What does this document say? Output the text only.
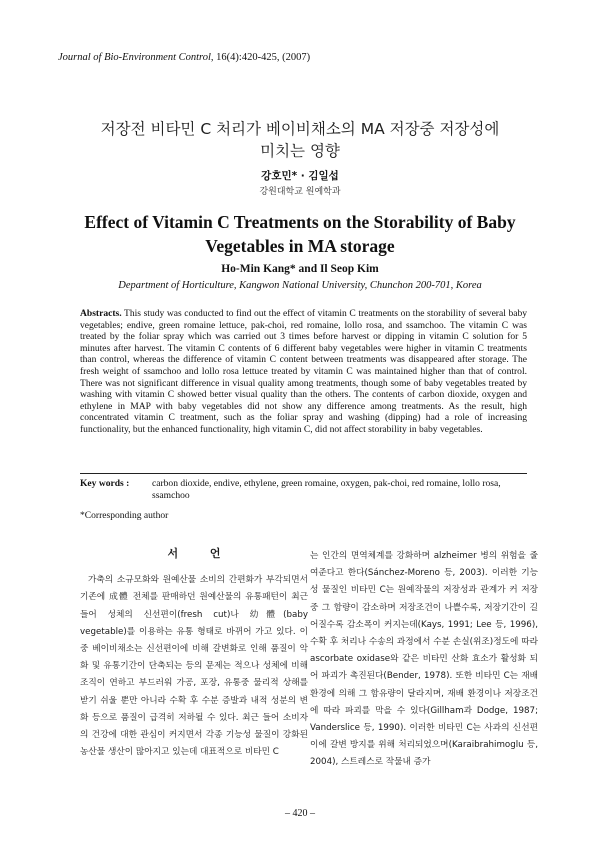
Journal of Bio-Environment Control, 16(4):420-425, (2007)
저장전 비타민 C 처리가 베이비채소의 MA 저장중 저장성에
미치는 영향
강호민* · 김일섭
강원대학교 원예학과
Effect of Vitamin C Treatments on the Storability of Baby
Vegetables in MA storage
Ho-Min Kang* and Il Seop Kim
Department of Horticulture, Kangwon National University, Chunchon 200-701, Korea
Abstracts. This study was conducted to find out the effect of vitamin C treatments on the storability of several baby vegetables; endive, green romaine lettuce, pak-choi, red romaine, lollo rosa, and ssamchoo. The vitamin C was treated by the foliar spray which was carried out 3 times before harvest or dipping in vitamin C solution for 5 minutes after harvest. The vitamin C contents of 6 different baby vegetables were higher in vitamin C treatments than control, whereas the difference of vitamin C content between treatments was disappeared after storage. The fresh weight of ssamchoo and lollo rosa lettuce treated by vitamin C was maintained higher than that of control. There was not significant difference in visual quality among treatments, though some of baby vegetables treated by washing with vitamin C showed better visual quality than the others. The contents of carbon dioxide, oxygen and ethylene in MAP with baby vegetables did not show any difference among treatments. As the result, high concentrated vitamin C treatment, such as the foliar spray and washing (dipping) had a role of increasing functionality, but the enhanced functionality, high vitamin C, did not affect storability in baby vegetables.
Key words :	carbon dioxide, endive, ethylene, green romaine, oxygen, pak-choi, red romaine, lollo rosa, ssamchoo
*Corresponding author
서 언
가축의 소규모화와 원예산물 소비의 간편화가 부각되면서 기존에 成體 전체를 판매하던 원예산물의 유통패턴이 최근 들어 성체의 신선편이(fresh cut)나 幼體(baby vegetable)를 이용하는 유통 형태로 바뀌어 가고 있다. 이중 베이비채소는 신선편이에 비해 갈변화로 인해 품질이 악화 및 유통기간이 단축되는 등의 문제는 적으나 성체에 비해 조직이 연하고 부드러워 가공, 포장, 유통중 물리적 상해를 받기 쉬울 뿐만 아니라 수확 후 수분 증발과 내적 성분의 변화 등으로 품질이 급격히 저하될 수 있다. 최근 들어 소비자의 건강에 대한 관심이 커지면서 각종 기능성 물질이 강화된 농산물 생산이 많아지고 있는데 대표적으로 비타민 C
는 인간의 면역체계를 강화하며 alzheimer 병의 위험을 줄여준다고 한다(Sánchez-Moreno 등, 2003). 이러한 기능성 물질인 비타민 C는 원예작물의 저장성과 관계가 커 저장 중 그 함량이 감소하며 저장조건이 나쁠수록, 저장기간이 길어질수록 감소폭이 커지는데(Kays, 1991; Lee 등, 1996), 수확 후 처리나 수송의 과정에서 수분 손실(위조)정도에 따라 ascorbate oxidase와 같은 비타민 산화 효소가 활성화 되어 파괴가 촉진된다(Bender, 1978). 또한 비타민 C는 재배환경에 의해 그 함유량이 달라지며, 재배 환경이나 저장조건에 따라 파괴를 막을 수 있다(Gillham과 Dodge, 1987; Vanderslice 등, 1990). 이러한 비타민 C는 사과의 신선편이에 갈변 방지를 위해 처리되었으며(Karaibrahimoglu 등, 2004), 스트레스로 작물내 증가
– 420 –
